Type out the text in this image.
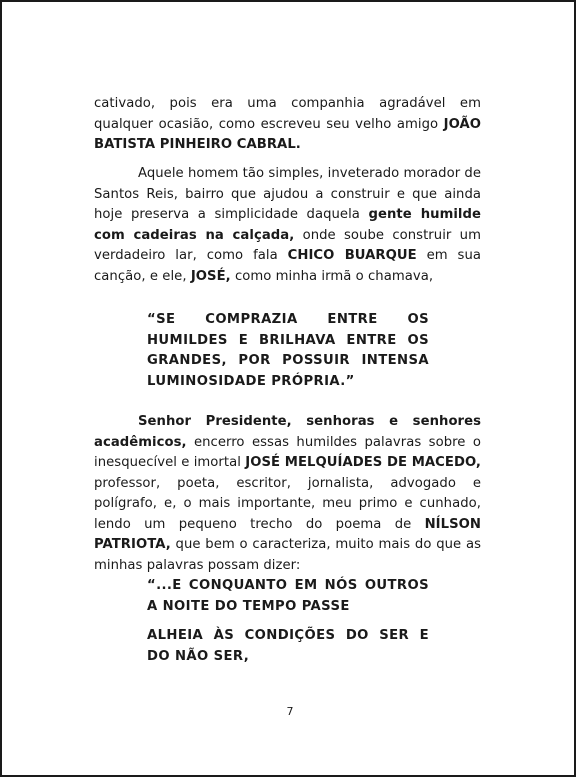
cativado, pois era uma companhia agradável em qualquer ocasião, como escreveu seu velho amigo JOÃO BATISTA PINHEIRO CABRAL.

Aquele homem tão simples, inveterado morador de Santos Reis, bairro que ajudou a construir e que ainda hoje preserva a simplicidade daquela gente humilde com cadeiras na calçada, onde soube construir um verdadeiro lar, como fala CHICO BUARQUE em sua canção, e ele, JOSÉ, como minha irmã o chamava,

“SE COMPRAZIA ENTRE OS HUMILDES E BRILHAVA ENTRE OS GRANDES, POR POSSUIR INTENSA LUMINOSIDADE PRÓPRIA.”

Senhor Presidente, senhoras e senhores acadêmicos, encerro essas humildes palavras sobre o inesquecível e imortal JOSÉ MELQUÍADES DE MACEDO, professor, poeta, escritor, jornalista, advogado e polígrafo, e, o mais importante, meu primo e cunhado, lendo um pequeno trecho do poema de NÍLSON PATRIOTA, que bem o caracteriza, muito mais do que as minhas palavras possam dizer:

“...E CONQUANTO EM NÓS OUTROS A NOITE DO TEMPO PASSE

ALHEIA ÀS CONDIÇÕES DO SER E DO NÃO SER,

7
